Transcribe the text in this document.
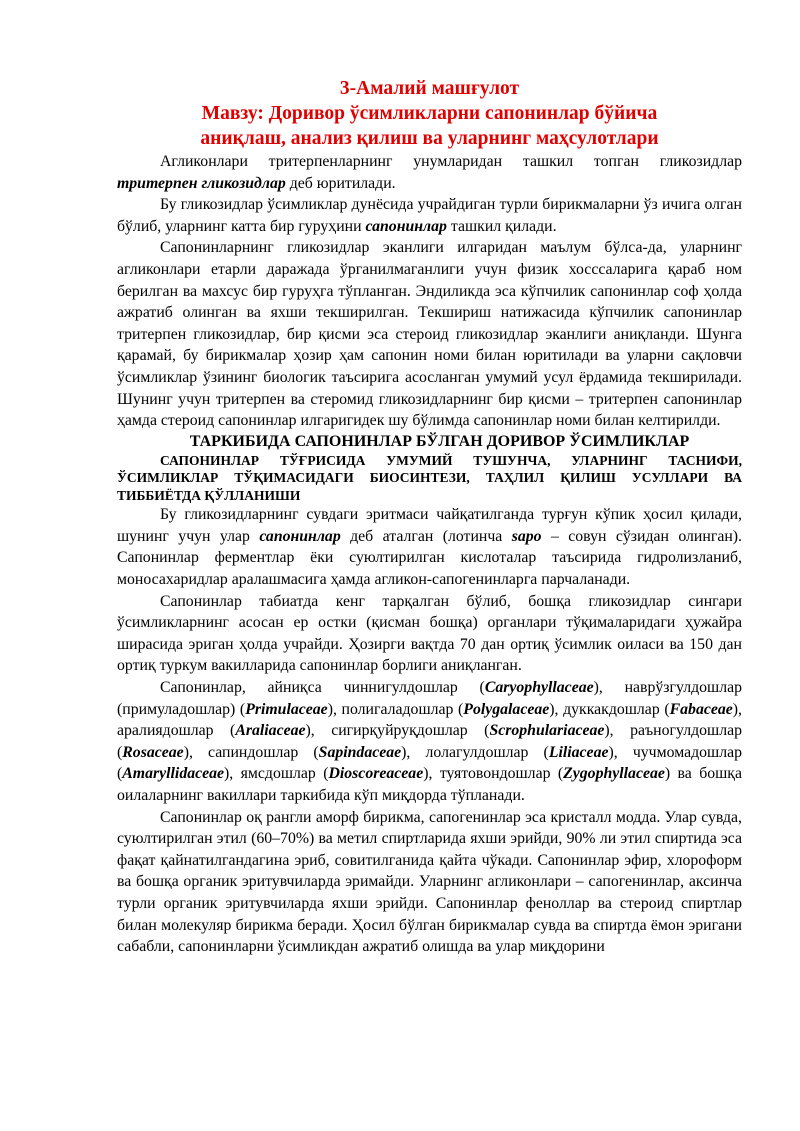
3-Амалий машғулот

Мавзу: Доривор ўсимликларни сапонинлар бўйича

аниқлаш, анализ қилиш ва уларнинг маҳсулотлари

Агликонлари тритерпенларнинг унумларидан ташкил топган гликозидлар тритерпен гликозидлар деб юритилади.

Бу гликозидлар ўсимликлар дунёсида учрайдиган турли бирикмаларни ўз ичига олган бўлиб, уларнинг катта бир гуруҳини сапонинлар ташкил қилади.

Сапонинларнинг гликозидлар эканлиги илгаридан маълум бўлса-да, уларнинг агликонлари етарли даражада ўрганилмаганлиги учун физик хосссаларига қараб ном берилган ва махсус бир гуруҳга тўпланган. Эндиликда эса кўпчилик сапонинлар соф ҳолда ажратиб олинган ва яхши текширилган. Текшириш натижасида кўпчилик сапонинлар тритерпен гликозидлар, бир қисми эса стероид гликозидлар эканлиги аниқланди. Шунга қарамай, бу бирикмалар ҳозир ҳам сапонин номи билан юритилади ва уларни сақловчи ўсимликлар ўзининг биологик таъсирига асосланган умумий усул ёрдамида текширилади. Шунинг учун тритерпен ва стеромид гликозидларнинг бир қисми – тритерпен сапонинлар ҳамда стероид сапонинлар илгаригидек шу бўлимда сапонинлар номи билан келтирилди.

ТАРКИБИДА САПОНИНЛАР БЎЛГАН ДОРИВОР ЎСИМЛИКЛАР

САПОНИНЛАР ТЎҒРИСИДА УМУМИЙ ТУШУНЧА, УЛАРНИНГ ТАСНИФИ, ЎСИМЛИКЛАР ТЎҚИМАСИДАГИ БИОСИНТЕЗИ, ТАҲЛИЛ ҚИЛИШ УСУЛЛАРИ ВА ТИББИЁТДА ҚЎЛЛАНИШИ

Бу гликозидларнинг сувдаги эритмаси чайқатилганда турғун кўпик ҳосил қилади, шунинг учун улар сапонинлар деб аталган (лотинча sapo – совун сўзидан олинган). Сапонинлар ферментлар ёки суюлтирилган кислоталар таъсирида гидролизланиб, моносахаридлар аралашмасига ҳамда агликон-сапогенинларга парчаланади.

Сапонинлар табиатда кенг тарқалган бўлиб, бошқа гликозидлар сингари ўсимликларнинг асосан ер остки (қисман бошқа) органлари тўқималаридаги ҳужайра ширасида эриган ҳолда учрайди. Ҳозирги вақтда 70 дан ортиқ ўсимлик оиласи ва 150 дан ортиқ туркум вакилларида сапонинлар борлиги аниқланган.

Сапонинлар, айниқса чиннигулдошлар (Caryophyllaceae), наврўзгулдошлар (примуладошлар) (Primulaceae), полигаладошлар (Polygalaceae), дуккакдошлар (Fabaceae), аралиядошлар (Araliaceae), сигирқуйруқдошлар (Scrophulariaceae), раъногулдошлар (Rosaceae), сапиндошлар (Sapindaceae), лолагулдошлар (Liliaceae), чучмомадошлар (Amaryllidaceae), ямсдошлар (Dioscoreaceae), туятовондошлар (Zygophyllaceae) ва бошқа оилаларнинг вакиллари таркибида кўп миқдорда тўпланади.

Сапонинлар оқ рангли аморф бирикма, сапогенинлар эса кристалл модда. Улар сувда, суюлтирилган этил (60–70%) ва метил спиртларида яхши эрийди, 90% ли этил спиртида эса фақат қайнатилгандагина эриб, совитилганида қайта чўкади. Сапонинлар эфир, хлороформ ва бошқа органик эритувчиларда эримайди. Уларнинг агликонлари – сапогенинлар, аксинча турли органик эритувчиларда яхши эрийди. Сапонинлар феноллар ва стероид спиртлар билан молекуляр бирикма беради. Ҳосил бўлган бирикмалар сувда ва спиртда ёмон эригани сабабли, сапонинларни ўсимликдан ажратиб олишда ва улар миқдорини
